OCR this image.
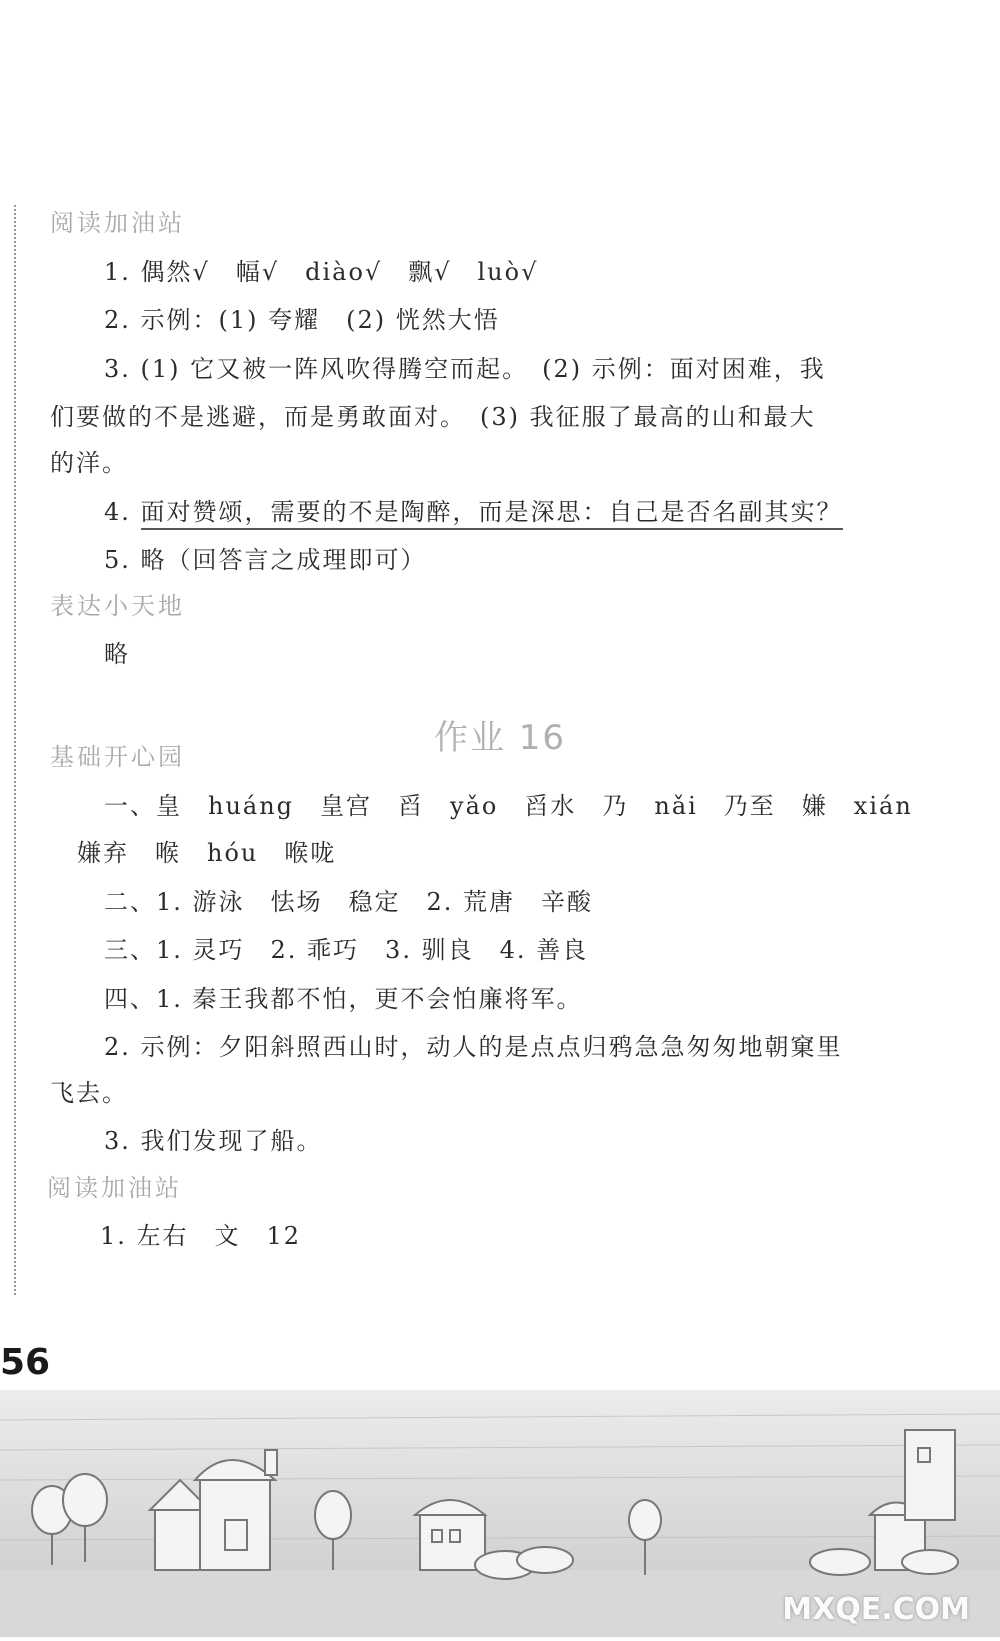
阅读加油站
1. 偶然√　幅√　diào√　飘√　luò√
2. 示例：(1) 夸耀　(2) 恍然大悟
3. (1) 它又被一阵风吹得腾空而起。　(2) 示例：面对困难，我
们要做的不是逃避，而是勇敢面对。　(3) 我征服了最高的山和最大
的洋。
4. 面对赞颂，需要的不是陶醉，而是深思：自己是否名副其实？
5. 略（回答言之成理即可）
表达小天地
略
作业 16
基础开心园
一、皇　huáng　皇宫　舀　yǎo　舀水　乃　nǎi　乃至　嫌　xián
嫌弃　喉　hóu　喉咙
二、1. 游泳　怯场　稳定　2. 荒唐　辛酸
三、1. 灵巧　2. 乖巧　3. 驯良　4. 善良
四、1. 秦王我都不怕，更不会怕廉将军。
2. 示例：夕阳斜照西山时，动人的是点点归鸦急急匆匆地朝窠里
飞去。
3. 我们发现了船。
阅读加油站
1. 左右　文　12
56
MXQE.COM
